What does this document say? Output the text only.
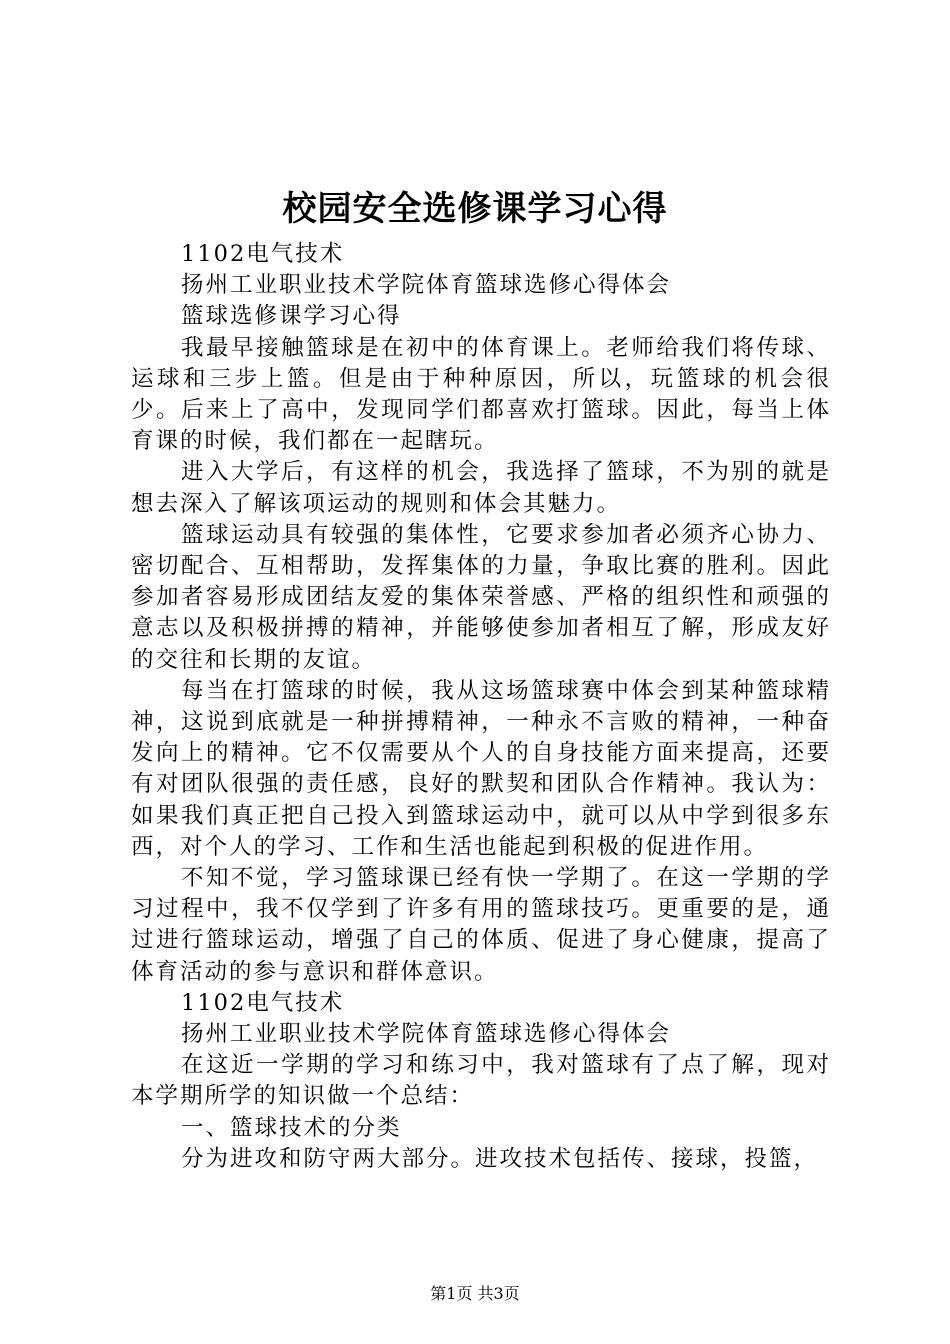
校园安全选修课学习心得

1102电气技术

扬州工业职业技术学院体育篮球选修心得体会

篮球选修课学习心得

我最早接触篮球是在初中的体育课上。老师给我们将传球、运球和三步上篮。但是由于种种原因，所以，玩篮球的机会很少。后来上了高中，发现同学们都喜欢打篮球。因此，每当上体育课的时候，我们都在一起瞎玩。

进入大学后，有这样的机会，我选择了篮球，不为别的就是想去深入了解该项运动的规则和体会其魅力。

篮球运动具有较强的集体性，它要求参加者必须齐心协力、密切配合、互相帮助，发挥集体的力量，争取比赛的胜利。因此参加者容易形成团结友爱的集体荣誉感、严格的组织性和顽强的意志以及积极拼搏的精神，并能够使参加者相互了解，形成友好的交往和长期的友谊。

每当在打篮球的时候，我从这场篮球赛中体会到某种篮球精神，这说到底就是一种拼搏精神，一种永不言败的精神，一种奋发向上的精神。它不仅需要从个人的自身技能方面来提高，还要有对团队很强的责任感，良好的默契和团队合作精神。我认为：如果我们真正把自己投入到篮球运动中，就可以从中学到很多东西，对个人的学习、工作和生活也能起到积极的促进作用。

不知不觉，学习篮球课已经有快一学期了。在这一学期的学习过程中，我不仅学到了许多有用的篮球技巧。更重要的是，通过进行篮球运动，增强了自己的体质、促进了身心健康，提高了体育活动的参与意识和群体意识。

1102电气技术

扬州工业职业技术学院体育篮球选修心得体会

在这近一学期的学习和练习中，我对篮球有了点了解，现对本学期所学的知识做一个总结：

一、篮球技术的分类

分为进攻和防守两大部分。进攻技术包括传、接球，投篮，

第1页 共3页
